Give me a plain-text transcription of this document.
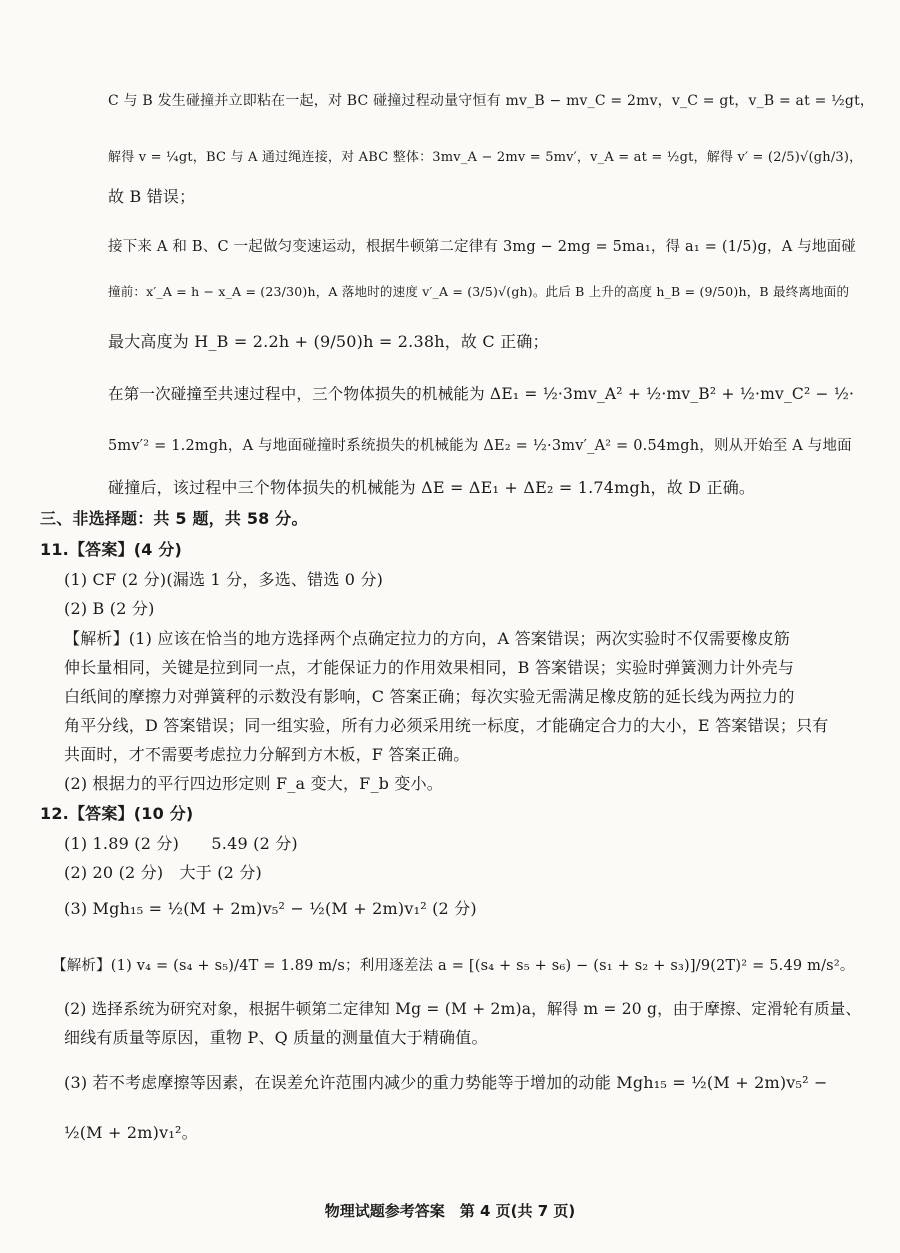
C 与 B 发生碰撞并立即粘在一起，对 BC 碰撞过程动量守恒有 mv_B − mv_C = 2mv，v_C = gt，v_B = at = ½gt，
解得 v = ¼gt，BC 与 A 通过绳连接，对 ABC 整体：3mv_A − 2mv = 5mv′，v_A = at = ½gt，解得 v′ = (2/5)√(gh/3)，
故 B 错误；
接下来 A 和 B、C 一起做匀变速运动，根据牛顿第二定律有 3mg − 2mg = 5ma₁，得 a₁ = (1/5)g，A 与地面碰
撞前：x′_A = h − x_A = (23/30)h，A 落地时的速度 v′_A = (3/5)√(gh)。此后 B 上升的高度 h_B = (9/50)h，B 最终离地面的
最大高度为 H_B = 2.2h + (9/50)h = 2.38h，故 C 正确；
在第一次碰撞至共速过程中，三个物体损失的机械能为 ΔE₁ = ½·3mv_A² + ½·mv_B² + ½·mv_C² − ½·
5mv′² = 1.2mgh，A 与地面碰撞时系统损失的机械能为 ΔE₂ = ½·3mv′_A² = 0.54mgh，则从开始至 A 与地面
碰撞后，该过程中三个物体损失的机械能为 ΔE = ΔE₁ + ΔE₂ = 1.74mgh，故 D 正确。
三、非选择题：共 5 题，共 58 分。
11.【答案】(4 分)
(1) CF (2 分)(漏选 1 分，多选、错选 0 分)
(2) B (2 分)
【解析】(1) 应该在恰当的地方选择两个点确定拉力的方向，A 答案错误；两次实验时不仅需要橡皮筋
伸长量相同，关键是拉到同一点，才能保证力的作用效果相同，B 答案错误；实验时弹簧测力计外壳与
白纸间的摩擦力对弹簧秤的示数没有影响，C 答案正确；每次实验无需满足橡皮筋的延长线为两拉力的
角平分线，D 答案错误；同一组实验，所有力必须采用统一标度，才能确定合力的大小，E 答案错误；只有
共面时，才不需要考虑拉力分解到方木板，F 答案正确。
(2) 根据力的平行四边形定则 F_a 变大，F_b 变小。
12.【答案】(10 分)
(1) 1.89 (2 分)　　5.49 (2 分)
(2) 20 (2 分)　大于 (2 分)
(3) Mgh₁₅ = ½(M + 2m)v₅² − ½(M + 2m)v₁² (2 分)
【解析】(1) v₄ = (s₄ + s₅)/4T = 1.89 m/s；利用逐差法 a = [(s₄ + s₅ + s₆) − (s₁ + s₂ + s₃)]/9(2T)² = 5.49 m/s²。
(2) 选择系统为研究对象，根据牛顿第二定律知 Mg = (M + 2m)a，解得 m = 20 g，由于摩擦、定滑轮有质量、
细线有质量等原因，重物 P、Q 质量的测量值大于精确值。
(3) 若不考虑摩擦等因素，在误差允许范围内减少的重力势能等于增加的动能 Mgh₁₅ = ½(M + 2m)v₅² −
½(M + 2m)v₁²。
物理试题参考答案　第 4 页(共 7 页)
